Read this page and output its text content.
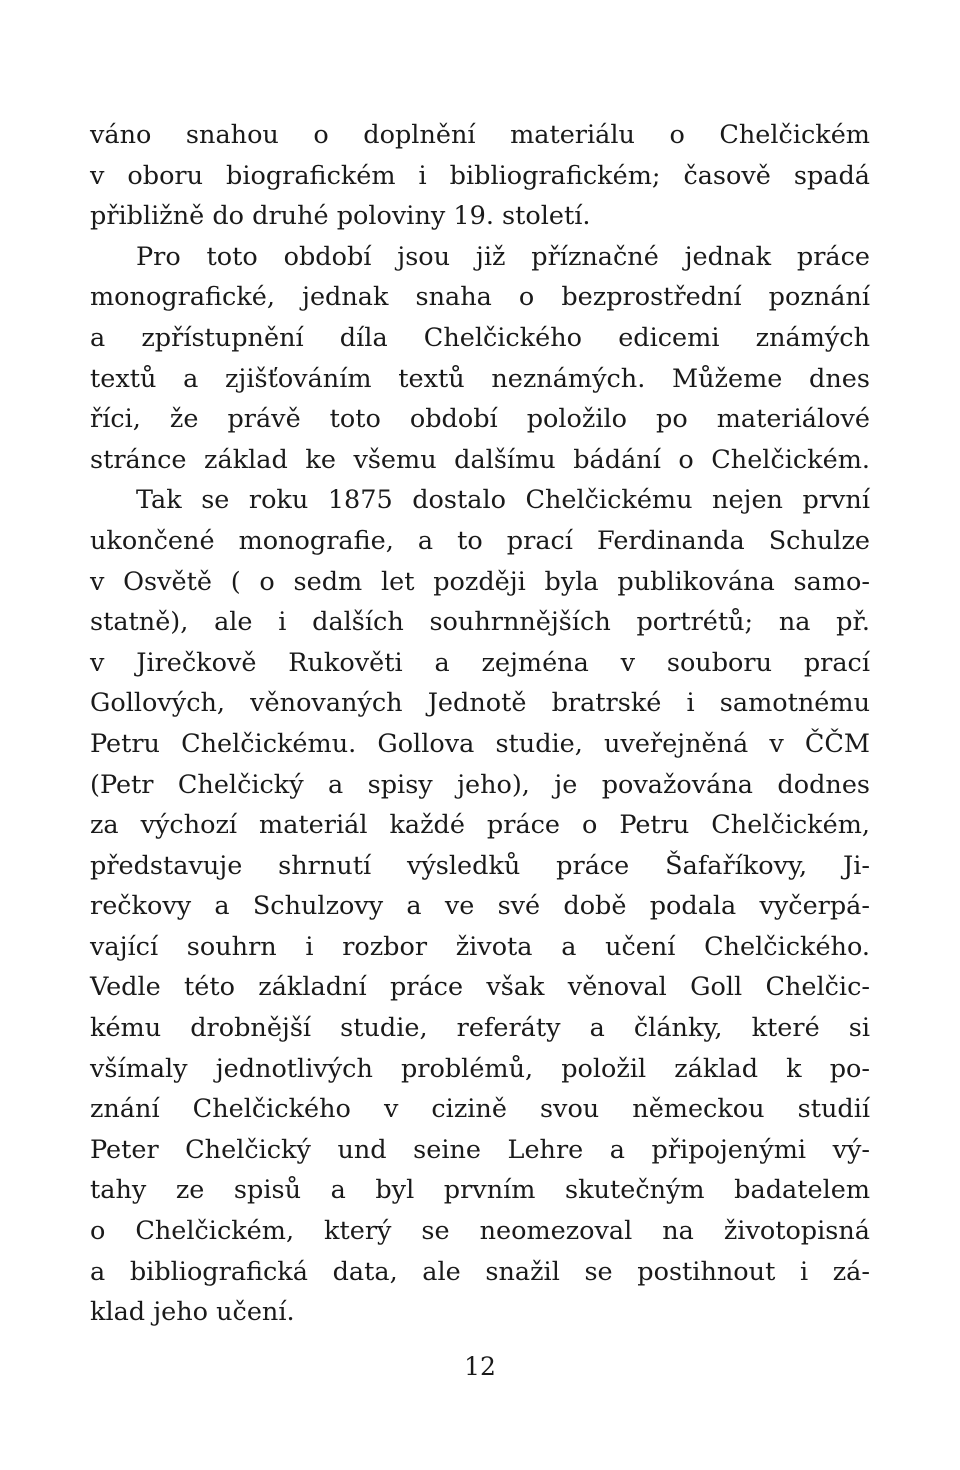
váno snahou o doplnění materiálu o Chelčickém
v oboru biografickém i bibliografickém; časově spadá
přibližně do druhé poloviny 19. století.
Pro toto období jsou již příznačné jednak práce
monografické, jednak snaha o bezprostřední poznání
a zpřístupnění díla Chelčického edicemi známých
textů a zjišťováním textů neznámých. Můžeme dnes
říci, že právě toto období položilo po materiálové
stránce základ ke všemu dalšímu bádání o Chelčickém.
Tak se roku 1875 dostalo Chelčickému nejen první
ukončené monografie, a to prací Ferdinanda Schulze
v Osvětě ( o sedm let později byla publikována samo-
statně), ale i dalších souhrnnějších portrétů; na př.
v Jirečkově Rukověti a zejména v souboru prací
Gollových, věnovaných Jednotě bratrské i samotnému
Petru Chelčickému. Gollova studie, uveřejněná v ČČM
(Petr Chelčický a spisy jeho), je považována dodnes
za výchozí materiál každé práce o Petru Chelčickém,
představuje shrnutí výsledků práce Šafaříkovy, Ji-
rečkovy a Schulzovy a ve své době podala vyčerpá-
vající souhrn i rozbor života a učení Chelčického.
Vedle této základní práce však věnoval Goll Chelčic-
kému drobnější studie, referáty a články, které si
všímaly jednotlivých problémů, položil základ k po-
znání Chelčického v cizině svou německou studií
Peter Chelčický und seine Lehre a připojenými vý-
tahy ze spisů a byl prvním skutečným badatelem
o Chelčickém, který se neomezoval na životopisná
a bibliografická data, ale snažil se postihnout i zá-
klad jeho učení.
12
